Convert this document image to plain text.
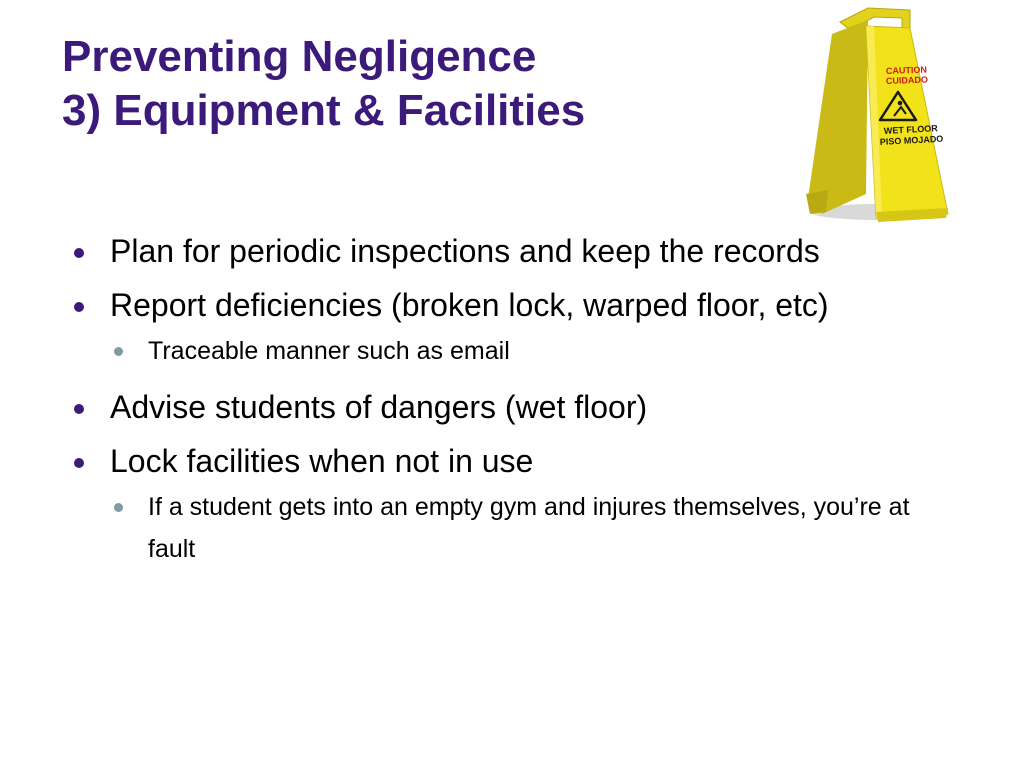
Preventing Negligence
3) Equipment & Facilities
CAUTION
CUIDADO
WET FLOOR
PISO MOJADO
Plan for periodic inspections and keep the records
Report deficiencies (broken lock, warped floor, etc)
Traceable manner such as email
Advise students of dangers (wet floor)
Lock facilities when not in use
If a student gets into an empty gym and injures themselves, you’re at fault
